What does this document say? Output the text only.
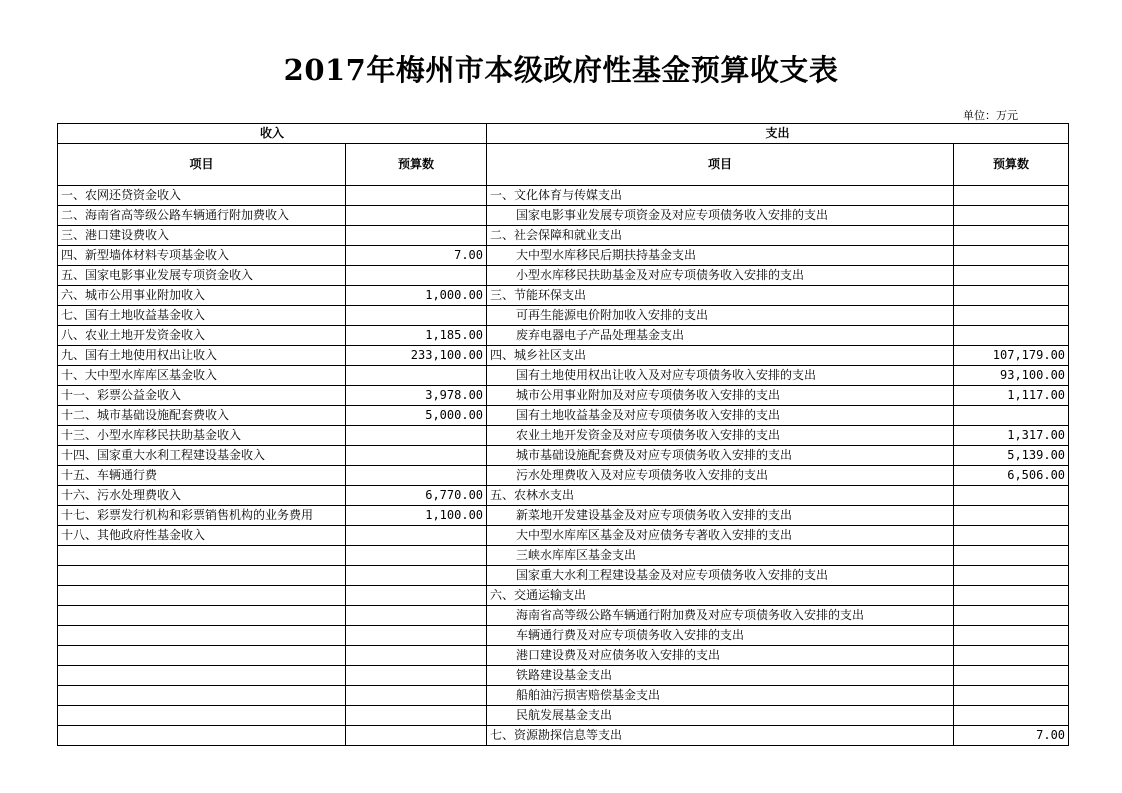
2017年梅州市本级政府性基金预算收支表
单位：万元
收入		支出	
项目	预算数	项目	预算数
一、农网还贷资金收入		一、文化体育与传媒支出	
二、海南省高等级公路车辆通行附加费收入		国家电影事业发展专项资金及对应专项债务收入安排的支出	
三、港口建设费收入		二、社会保障和就业支出	
四、新型墙体材料专项基金收入	7.00	大中型水库移民后期扶持基金支出	
五、国家电影事业发展专项资金收入		小型水库移民扶助基金及对应专项债务收入安排的支出	
六、城市公用事业附加收入	1,000.00	三、节能环保支出	
七、国有土地收益基金收入		可再生能源电价附加收入安排的支出	
八、农业土地开发资金收入	1,185.00	废弃电器电子产品处理基金支出	
九、国有土地使用权出让收入	233,100.00	四、城乡社区支出	107,179.00
十、大中型水库库区基金收入		国有土地使用权出让收入及对应专项债务收入安排的支出	93,100.00
十一、彩票公益金收入	3,978.00	城市公用事业附加及对应专项债务收入安排的支出	1,117.00
十二、城市基础设施配套费收入	5,000.00	国有土地收益基金及对应专项债务收入安排的支出	
十三、小型水库移民扶助基金收入		农业土地开发资金及对应专项债务收入安排的支出	1,317.00
十四、国家重大水利工程建设基金收入		城市基础设施配套费及对应专项债务收入安排的支出	5,139.00
十五、车辆通行费		污水处理费收入及对应专项债务收入安排的支出	6,506.00
十六、污水处理费收入	6,770.00	五、农林水支出	
十七、彩票发行机构和彩票销售机构的业务费用	1,100.00	新菜地开发建设基金及对应专项债务收入安排的支出	
十八、其他政府性基金收入		大中型水库库区基金及对应债务专著收入安排的支出	
		三峡水库库区基金支出	
		国家重大水利工程建设基金及对应专项债务收入安排的支出	
		六、交通运输支出	
		海南省高等级公路车辆通行附加费及对应专项债务收入安排的支出	
		车辆通行费及对应专项债务收入安排的支出	
		港口建设费及对应债务收入安排的支出	
		铁路建设基金支出	
		船舶油污损害赔偿基金支出	
		民航发展基金支出	
		七、资源勘探信息等支出	7.00
